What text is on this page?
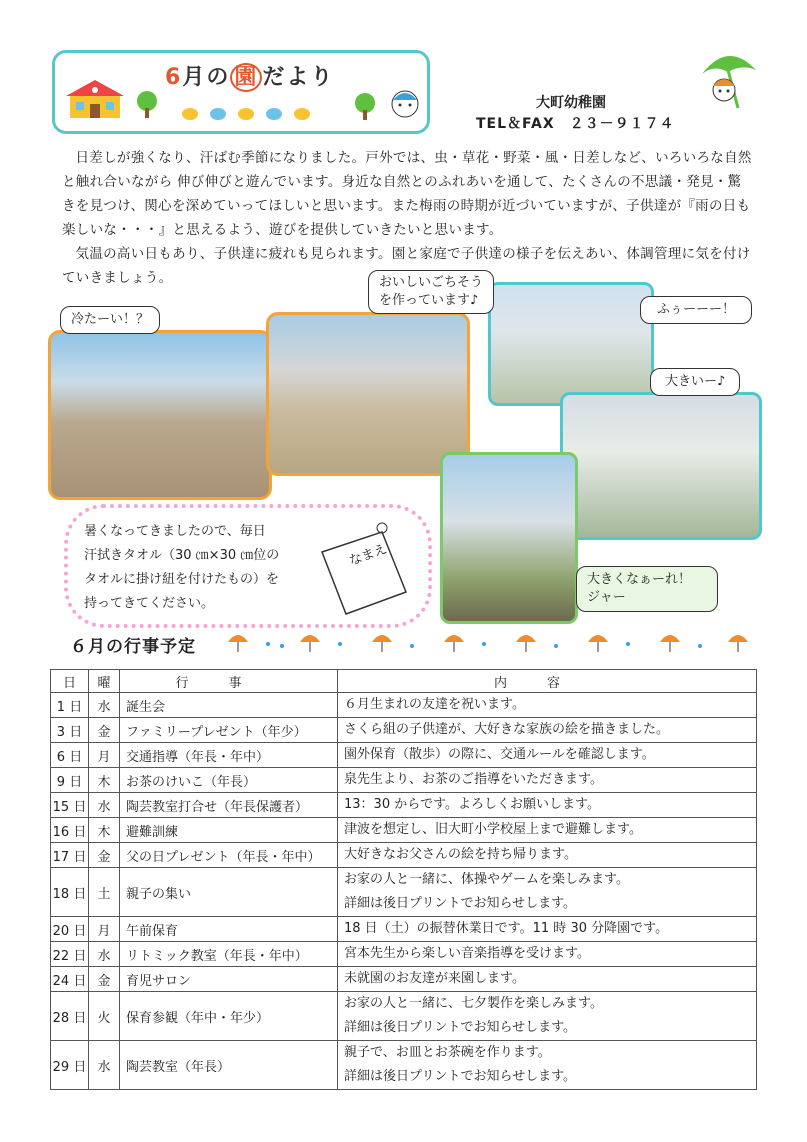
6月の 園 だより
大町幼稚園
TEL＆FAX　２３－９１７４

日差しが強くなり、汗ばむ季節になりました。戸外では、虫・草花・野菜・風・日差しなど、いろいろな自然と触れ合いながら 伸び伸びと遊んでいます。身近な自然とのふれあいを通して、たくさんの不思議・発見・驚きを見つけ、関心を深めていってほしいと思います。また梅雨の時期が近づいていますが、子供達が『雨の日も楽しいな・・・』と思えるよう、遊びを提供していきたいと思います。

気温の高い日もあり、子供達に疲れも見られます。園と家庭で子供達の様子を伝えあい、体調管理に気を付けていきましょう。

冷たーい！？
おいしいごちそう
を作っています♪
ふぅーーー！
大きいー♪
大きくなぁーれ！
ジャー
暑くなってきましたので、毎日
汗拭きタオル（30 ㎝×30 ㎝位の
タオルに掛け紐を付けたもの）を
持ってきてください。
なまえ
６月の行事予定
日	曜	行事	内容
1 日	水	誕生会	６月生まれの友達を祝います。

3 日	金	ファミリープレゼント（年少）	さくら組の子供達が、大好きな家族の絵を描きました。

6 日	月	交通指導（年長・年中）	園外保育（散歩）の際に、交通ルールを確認します。

9 日	木	お茶のけいこ（年長）	泉先生より、お茶のご指導をいただきます。

15 日	水	陶芸教室打合せ（年長保護者）	13：30 からです。よろしくお願いします。

16 日	木	避難訓練	津波を想定し、旧大町小学校屋上まで避難します。

17 日	金	父の日プレゼント（年長・年中）	大好きなお父さんの絵を持ち帰ります。

18 日	土	親子の集い	お家の人と一緒に、体操やゲームを楽しみます。
詳細は後日プリントでお知らせします。

20 日	月	午前保育	18 日（土）の振替休業日です。11 時 30 分降園です。

22 日	水	リトミック教室（年長・年中）	宮本先生から楽しい音楽指導を受けます。

24 日	金	育児サロン	未就園のお友達が来園します。

28 日	火	保育参観（年中・年少）	お家の人と一緒に、七夕製作を楽しみます。
詳細は後日プリントでお知らせします。

29 日	水	陶芸教室（年長）	親子で、お皿とお茶碗を作ります。
詳細は後日プリントでお知らせします。
